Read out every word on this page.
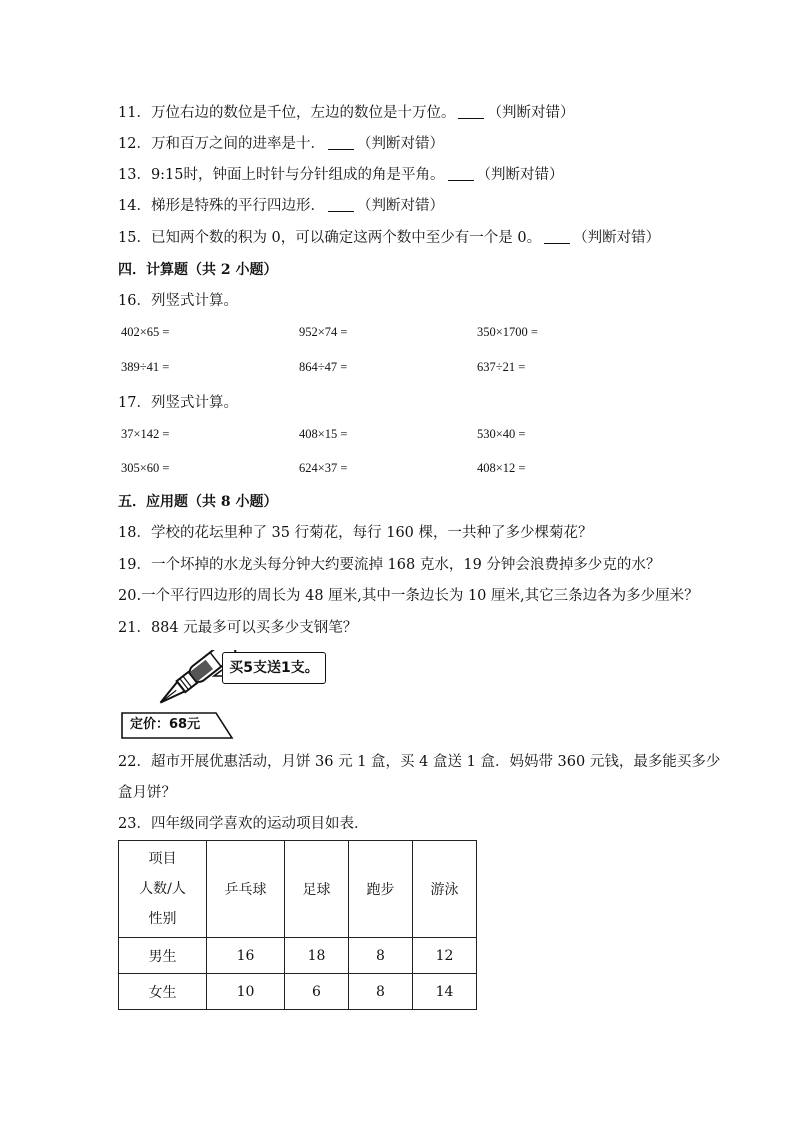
11．万位右边的数位是千位，左边的数位是十万位。 （判断对错）
12．万和百万之间的进率是十． （判断对错）
13．9:15时，钟面上时针与分针组成的角是平角。 （判断对错）
14．梯形是特殊的平行四边形． （判断对错）
15．已知两个数的积为 0，可以确定这两个数中至少有一个是 0。 （判断对错）
四．计算题（共 2 小题）
16．列竖式计算。
402×65 =	952×74 =	350×1700 =
389÷41 =	864÷47 =	637÷21 =
17．列竖式计算。
37×142 =	408×15 =	530×40 =
305×60 =	624×37 =	408×12 =
五．应用题（共 8 小题）
18．学校的花坛里种了 35 行菊花，每行 160 棵，一共种了多少棵菊花？
19．一个坏掉的水龙头每分钟大约要流掉 168 克水，19 分钟会浪费掉多少克的水？
20.一个平行四边形的周长为 48 厘米,其中一条边长为 10 厘米,其它三条边各为多少厘米？
21．884 元最多可以买多少支钢笔？
买5支送1支。
定价：68元
22．超市开展优惠活动，月饼 36 元 1 盒，买 4 盒送 1 盒．妈妈带 360 元钱，最多能买多少
盒月饼？
23．四年级同学喜欢的运动项目如表．
项目
人数/人
性别	乒乓球	足球	跑步	游泳
男生	16	18	8	12
女生	10	6	8	14
